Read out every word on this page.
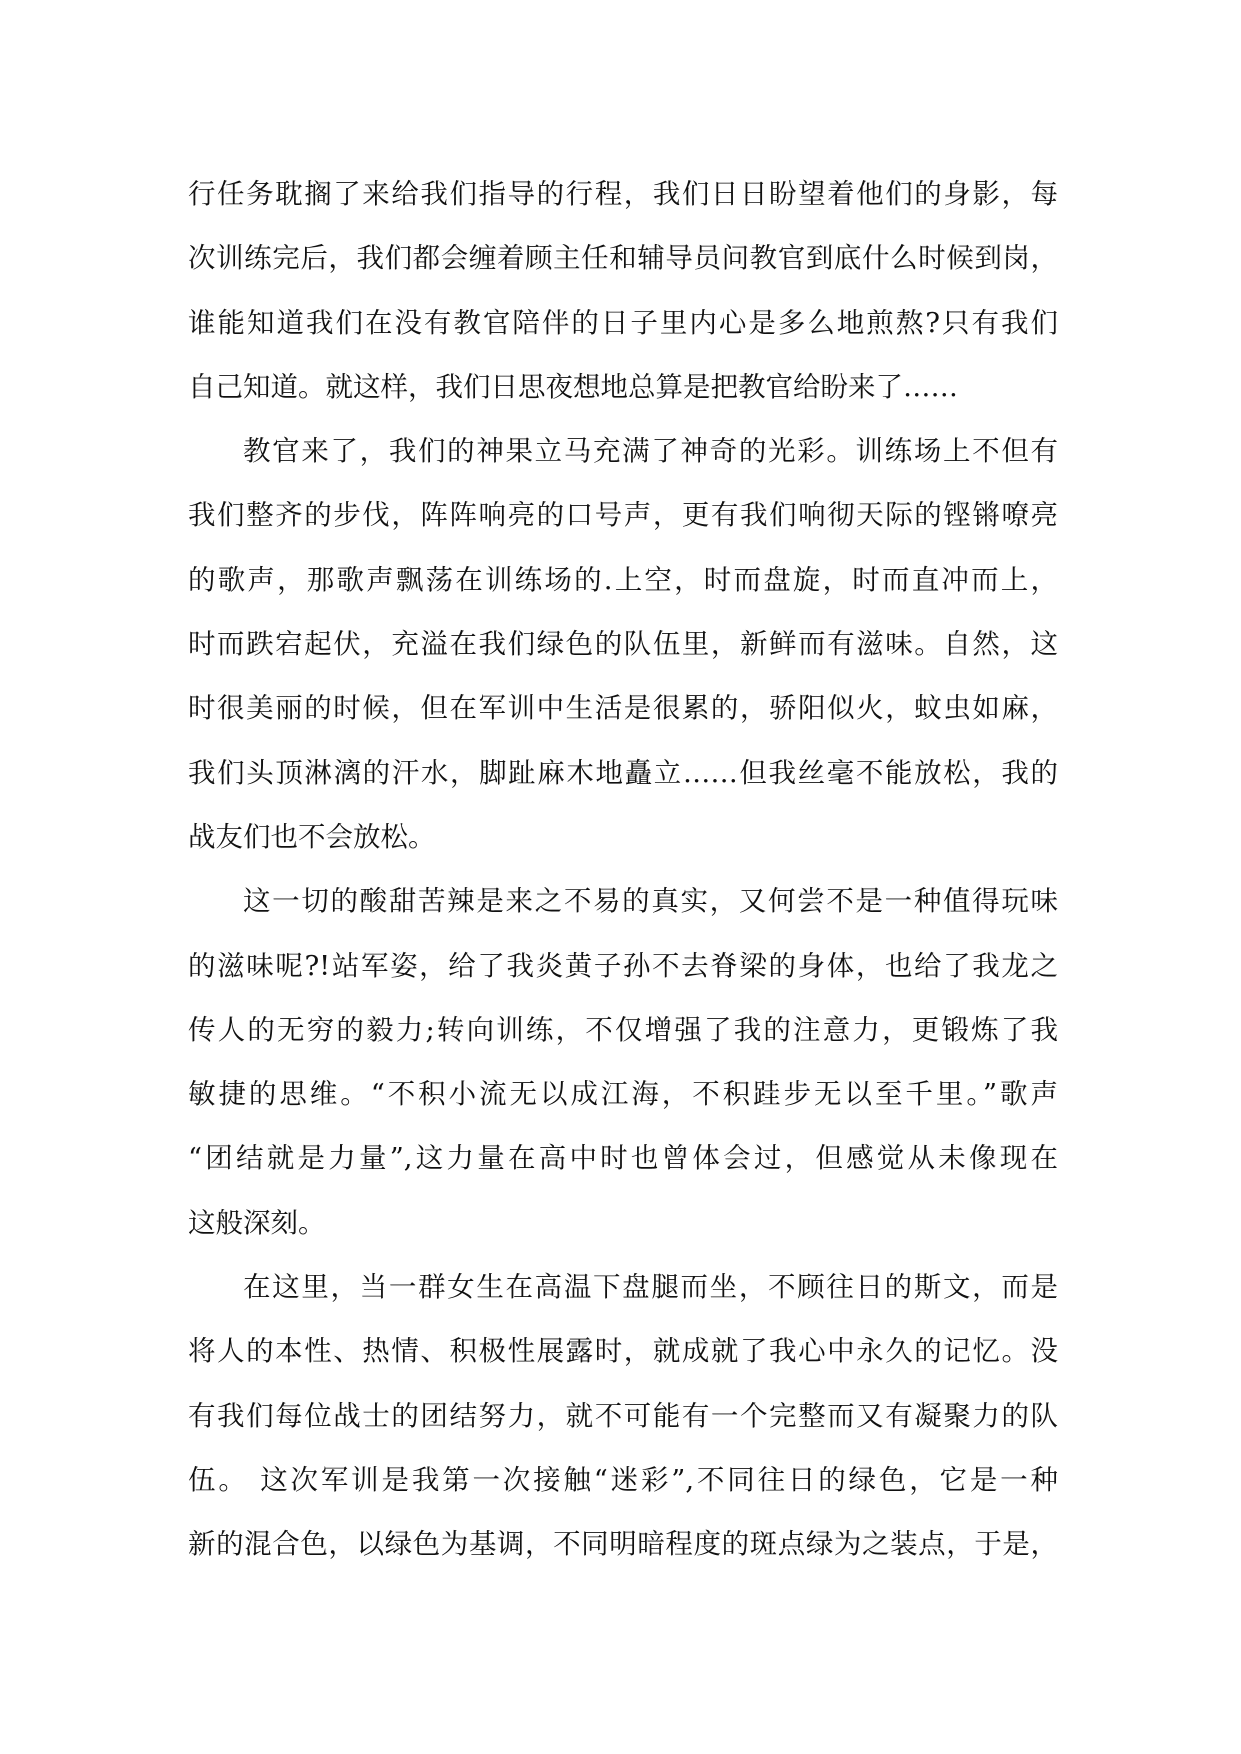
行任务耽搁了来给我们指导的行程，我们日日盼望着他们的身影，每
次训练完后，我们都会缠着顾主任和辅导员问教官到底什么时候到岗，
谁能知道我们在没有教官陪伴的日子里内心是多么地煎熬?只有我们
自己知道。就这样，我们日思夜想地总算是把教官给盼来了……
教官来了，我们的神果立马充满了神奇的光彩。训练场上不但有
我们整齐的步伐，阵阵响亮的口号声，更有我们响彻天际的铿锵嘹亮
的歌声，那歌声飘荡在训练场的.上空，时而盘旋，时而直冲而上，
时而跌宕起伏，充溢在我们绿色的队伍里，新鲜而有滋味。自然，这
时很美丽的时候，但在军训中生活是很累的，骄阳似火，蚊虫如麻，
我们头顶淋漓的汗水，脚趾麻木地矗立……但我丝毫不能放松，我的
战友们也不会放松。
这一切的酸甜苦辣是来之不易的真实，又何尝不是一种值得玩味
的滋味呢?!站军姿，给了我炎黄子孙不去脊梁的身体，也给了我龙之
传人的无穷的毅力;转向训练，不仅增强了我的注意力，更锻炼了我
敏捷的思维。“不积小流无以成江海，不积跬步无以至千里。”歌声
“团结就是力量”,这力量在高中时也曾体会过，但感觉从未像现在
这般深刻。
在这里，当一群女生在高温下盘腿而坐，不顾往日的斯文，而是
将人的本性、热情、积极性展露时，就成就了我心中永久的记忆。没
有我们每位战士的团结努力，就不可能有一个完整而又有凝聚力的队
伍。 这次军训是我第一次接触“迷彩”,不同往日的绿色，它是一种
新的混合色，以绿色为基调，不同明暗程度的斑点绿为之装点，于是，
